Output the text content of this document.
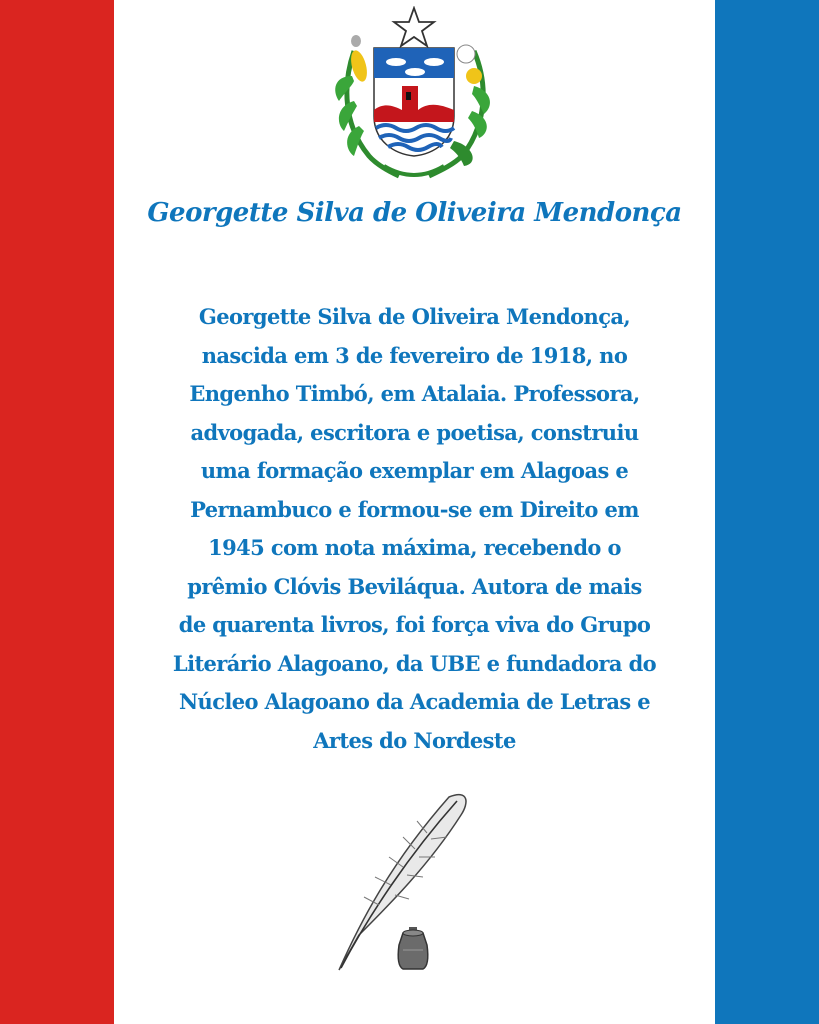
Georgette Silva de Oliveira Mendonça
Georgette Silva de Oliveira Mendonça,
nascida em 3 de fevereiro de 1918, no
Engenho Timbó, em Atalaia. Professora,
advogada, escritora e poetisa, construiu
uma formação exemplar em Alagoas e
Pernambuco e formou-se em Direito em
1945 com nota máxima, recebendo o
prêmio Clóvis Beviláqua. Autora de mais
de quarenta livros, foi força viva do Grupo
Literário Alagoano, da UBE e fundadora do
Núcleo Alagoano da Academia de Letras e
Artes do Nordeste
